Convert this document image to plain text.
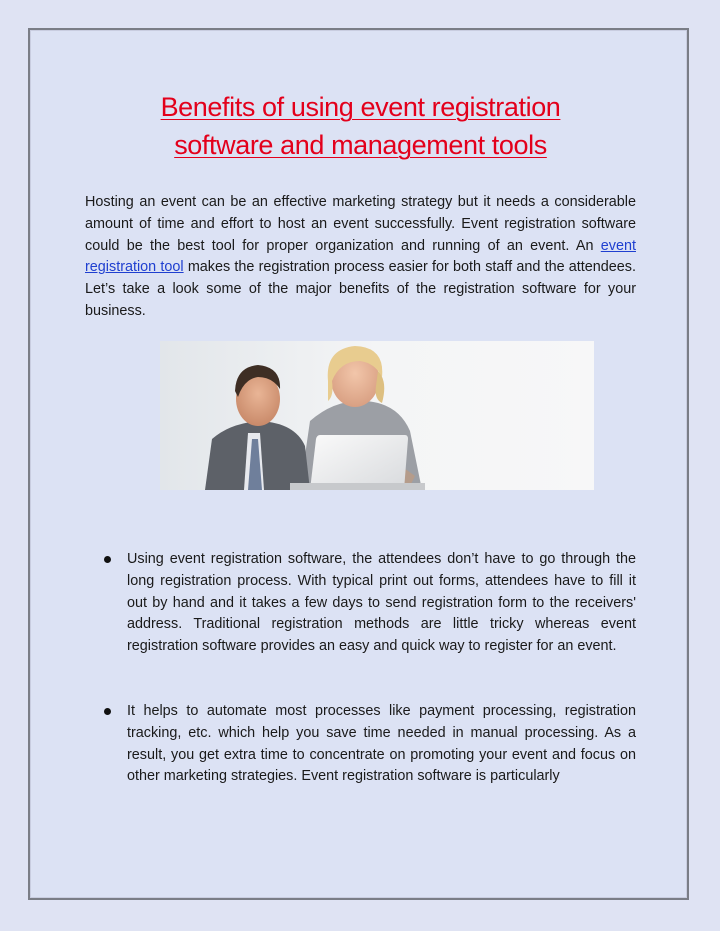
Benefits of using event registration
software and management tools

Hosting an event can be an effective marketing strategy but it needs a considerable amount of time and effort to host an event successfully. Event registration software could be the best tool for proper organization and running of an event. An event registration tool makes the registration process easier for both staff and the attendees. Let’s take a look some of the major benefits of the registration software for your business.

Using event registration software, the attendees don’t have to go through the long registration process. With typical print out forms, attendees have to fill it out by hand and it takes a few days to send registration form to the receivers' address. Traditional registration methods are little tricky whereas event registration software provides an easy and quick way to register for an event.
It helps to automate most processes like payment processing, registration tracking, etc. which help you save time needed in manual processing. As a result, you get extra time to concentrate on promoting your event and focus on other marketing strategies. Event registration software is particularly
